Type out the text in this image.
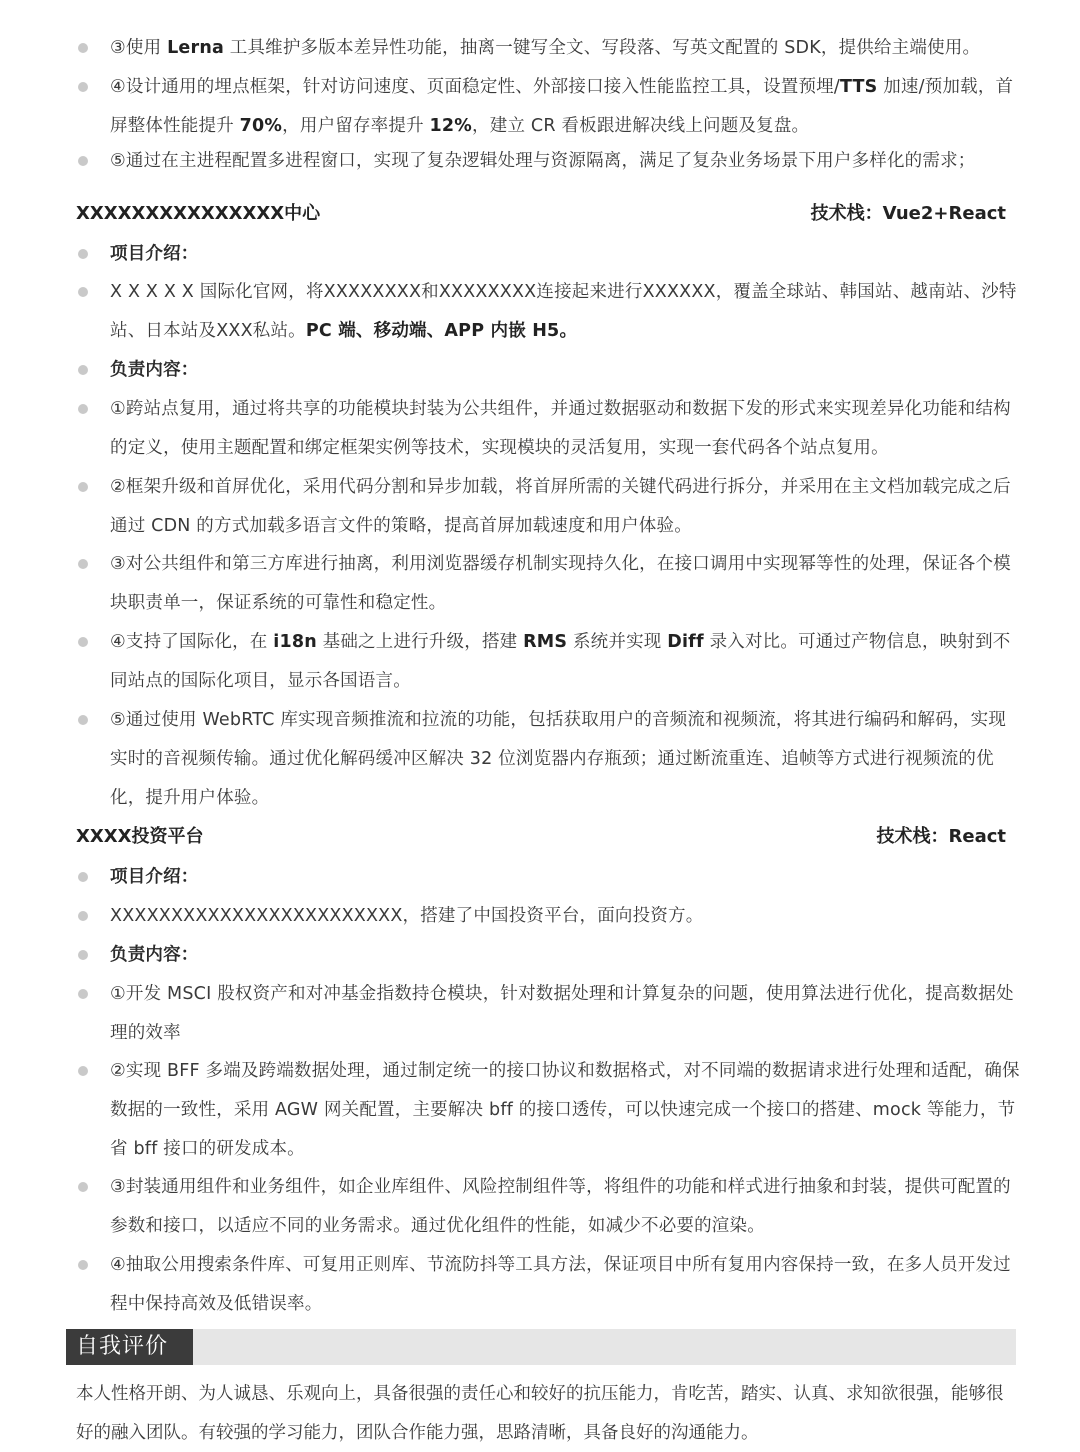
③使用 Lerna 工具维护多版本差异性功能，抽离一键写全文、写段落、写英文配置的 SDK，提供给主端使用。
④设计通用的埋点框架，针对访问速度、页面稳定性、外部接口接入性能监控工具，设置预埋/TTS 加速/预加载，首屏整体性能提升 70%，用户留存率提升 12%，建立 CR 看板跟进解决线上问题及复盘。
⑤通过在主进程配置多进程窗口，实现了复杂逻辑处理与资源隔离，满足了复杂业务场景下用户多样化的需求；
XXXXXXXXXXXXXXX中心	技术栈：Vue2+React
项目介绍：
X X X X X 国际化官网，将XXXXXXXX和XXXXXXXX连接起来进行XXXXXX，覆盖全球站、韩国站、越南站、沙特站、日本站及XXX私站。PC 端、移动端、APP 内嵌 H5。
负责内容：
①跨站点复用，通过将共享的功能模块封装为公共组件，并通过数据驱动和数据下发的形式来实现差异化功能和结构的定义，使用主题配置和绑定框架实例等技术，实现模块的灵活复用，实现一套代码各个站点复用。
②框架升级和首屏优化，采用代码分割和异步加载，将首屏所需的关键代码进行拆分，并采用在主文档加载完成之后通过 CDN 的方式加载多语言文件的策略，提高首屏加载速度和用户体验。
③对公共组件和第三方库进行抽离，利用浏览器缓存机制实现持久化，在接口调用中实现幂等性的处理，保证各个模块职责单一，保证系统的可靠性和稳定性。
④支持了国际化，在 i18n 基础之上进行升级，搭建 RMS 系统并实现 Diff 录入对比。可通过产物信息，映射到不同站点的国际化项目，显示各国语言。
⑤通过使用 WebRTC 库实现音频推流和拉流的功能，包括获取用户的音频流和视频流，将其进行编码和解码，实现实时的音视频传输。通过优化解码缓冲区解决 32 位浏览器内存瓶颈；通过断流重连、追帧等方式进行视频流的优化，提升用户体验。
XXXX投资平台	技术栈：React
项目介绍：
XXXXXXXXXXXXXXXXXXXXXXXX，搭建了中国投资平台，面向投资方。
负责内容：
①开发 MSCI 股权资产和对冲基金指数持仓模块，针对数据处理和计算复杂的问题，使用算法进行优化，提高数据处理的效率
②实现 BFF 多端及跨端数据处理，通过制定统一的接口协议和数据格式，对不同端的数据请求进行处理和适配，确保数据的一致性，采用 AGW 网关配置，主要解决 bff 的接口透传，可以快速完成一个接口的搭建、mock 等能力，节省 bff 接口的研发成本。
③封装通用组件和业务组件，如企业库组件、风险控制组件等，将组件的功能和样式进行抽象和封装，提供可配置的参数和接口，以适应不同的业务需求。通过优化组件的性能，如减少不必要的渲染。
④抽取公用搜索条件库、可复用正则库、节流防抖等工具方法，保证项目中所有复用内容保持一致，在多人员开发过程中保持高效及低错误率。
自我评价
本人性格开朗、为人诚恳、乐观向上，具备很强的责任心和较好的抗压能力，肯吃苦，踏实、认真、求知欲很强，能够很好的融入团队。有较强的学习能力，团队合作能力强，思路清晰，具备良好的沟通能力。
